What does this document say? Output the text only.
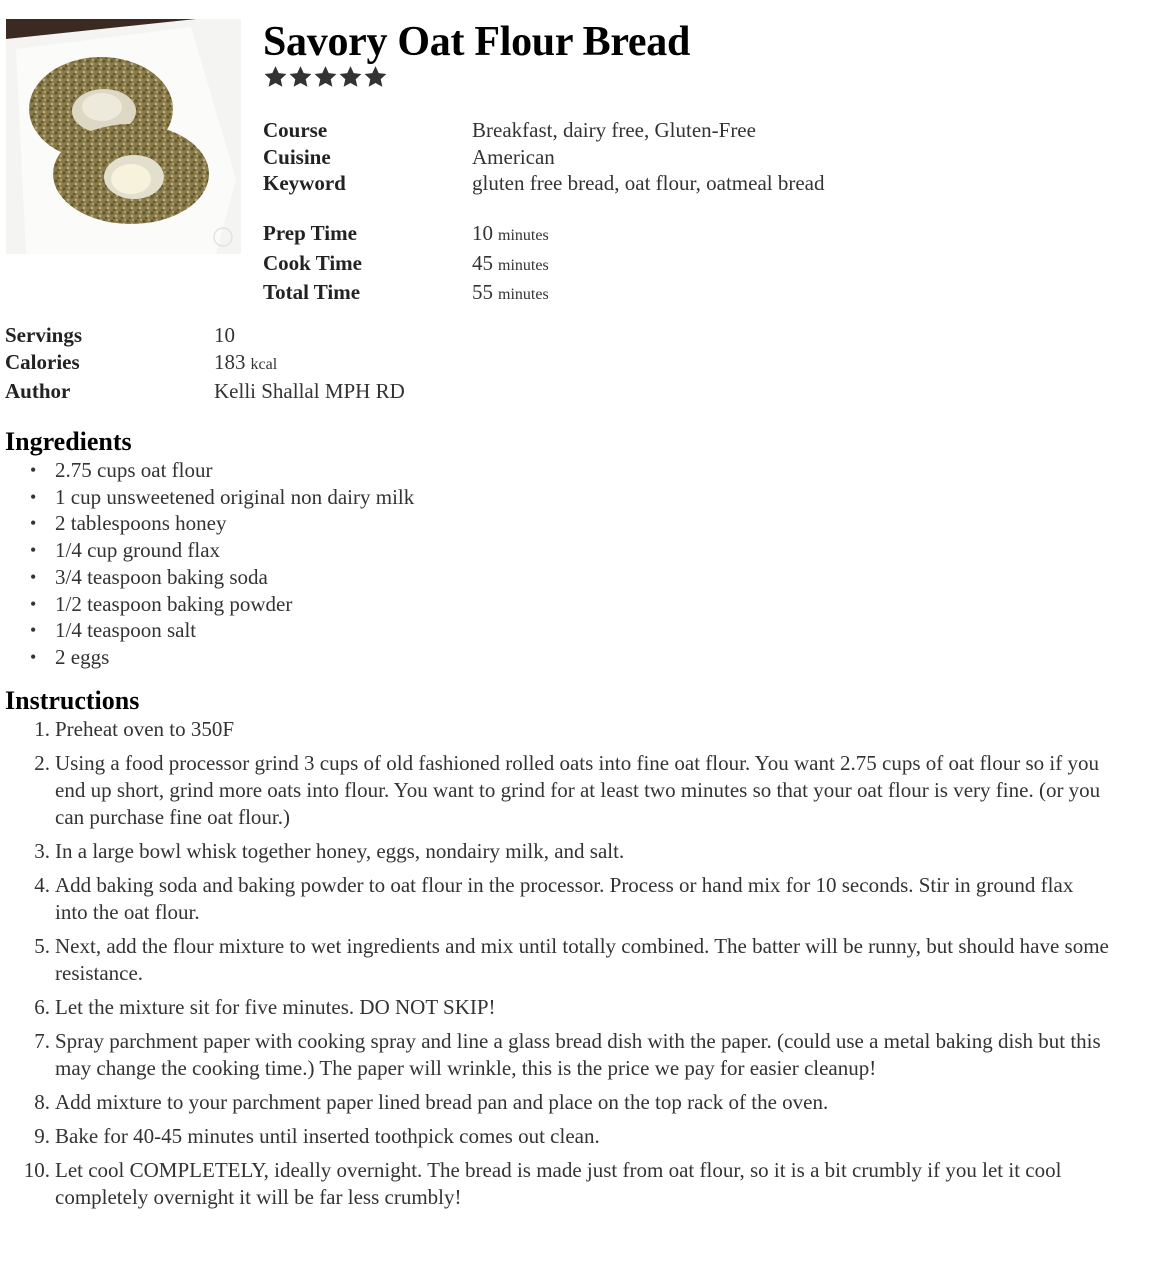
Savory Oat Flour Bread
Course	Breakfast, dairy free, Gluten-Free
Cuisine	American
Keyword	gluten free bread, oat flour, oatmeal bread
Prep Time	10 minutes
Cook Time	45 minutes
Total Time	55 minutes
Servings	10
Calories	183 kcal
Author	Kelli Shallal MPH RD
Ingredients
• 2.75 cups oat flour
• 1 cup unsweetened original non dairy milk
• 2 tablespoons honey
• 1/4 cup ground flax
• 3/4 teaspoon baking soda
• 1/2 teaspoon baking powder
• 1/4 teaspoon salt
• 2 eggs
Instructions
Preheat oven to 350F
Using a food processor grind 3 cups of old fashioned rolled oats into fine oat flour. You want 2.75 cups of oat flour so if you end up short, grind more oats into flour. You want to grind for at least two minutes so that your oat flour is very fine. (or you can purchase fine oat flour.)
In a large bowl whisk together honey, eggs, nondairy milk, and salt.
Add baking soda and baking powder to oat flour in the processor. Process or hand mix for 10 seconds. Stir in ground flax into the oat flour.
Next, add the flour mixture to wet ingredients and mix until totally combined. The batter will be runny, but should have some resistance.
Let the mixture sit for five minutes. DO NOT SKIP!
Spray parchment paper with cooking spray and line a glass bread dish with the paper. (could use a metal baking dish but this may change the cooking time.) The paper will wrinkle, this is the price we pay for easier cleanup!
Add mixture to your parchment paper lined bread pan and place on the top rack of the oven.
Bake for 40-45 minutes until inserted toothpick comes out clean.
Let cool COMPLETELY, ideally overnight. The bread is made just from oat flour, so it is a bit crumbly if you let it cool completely overnight it will be far less crumbly!
